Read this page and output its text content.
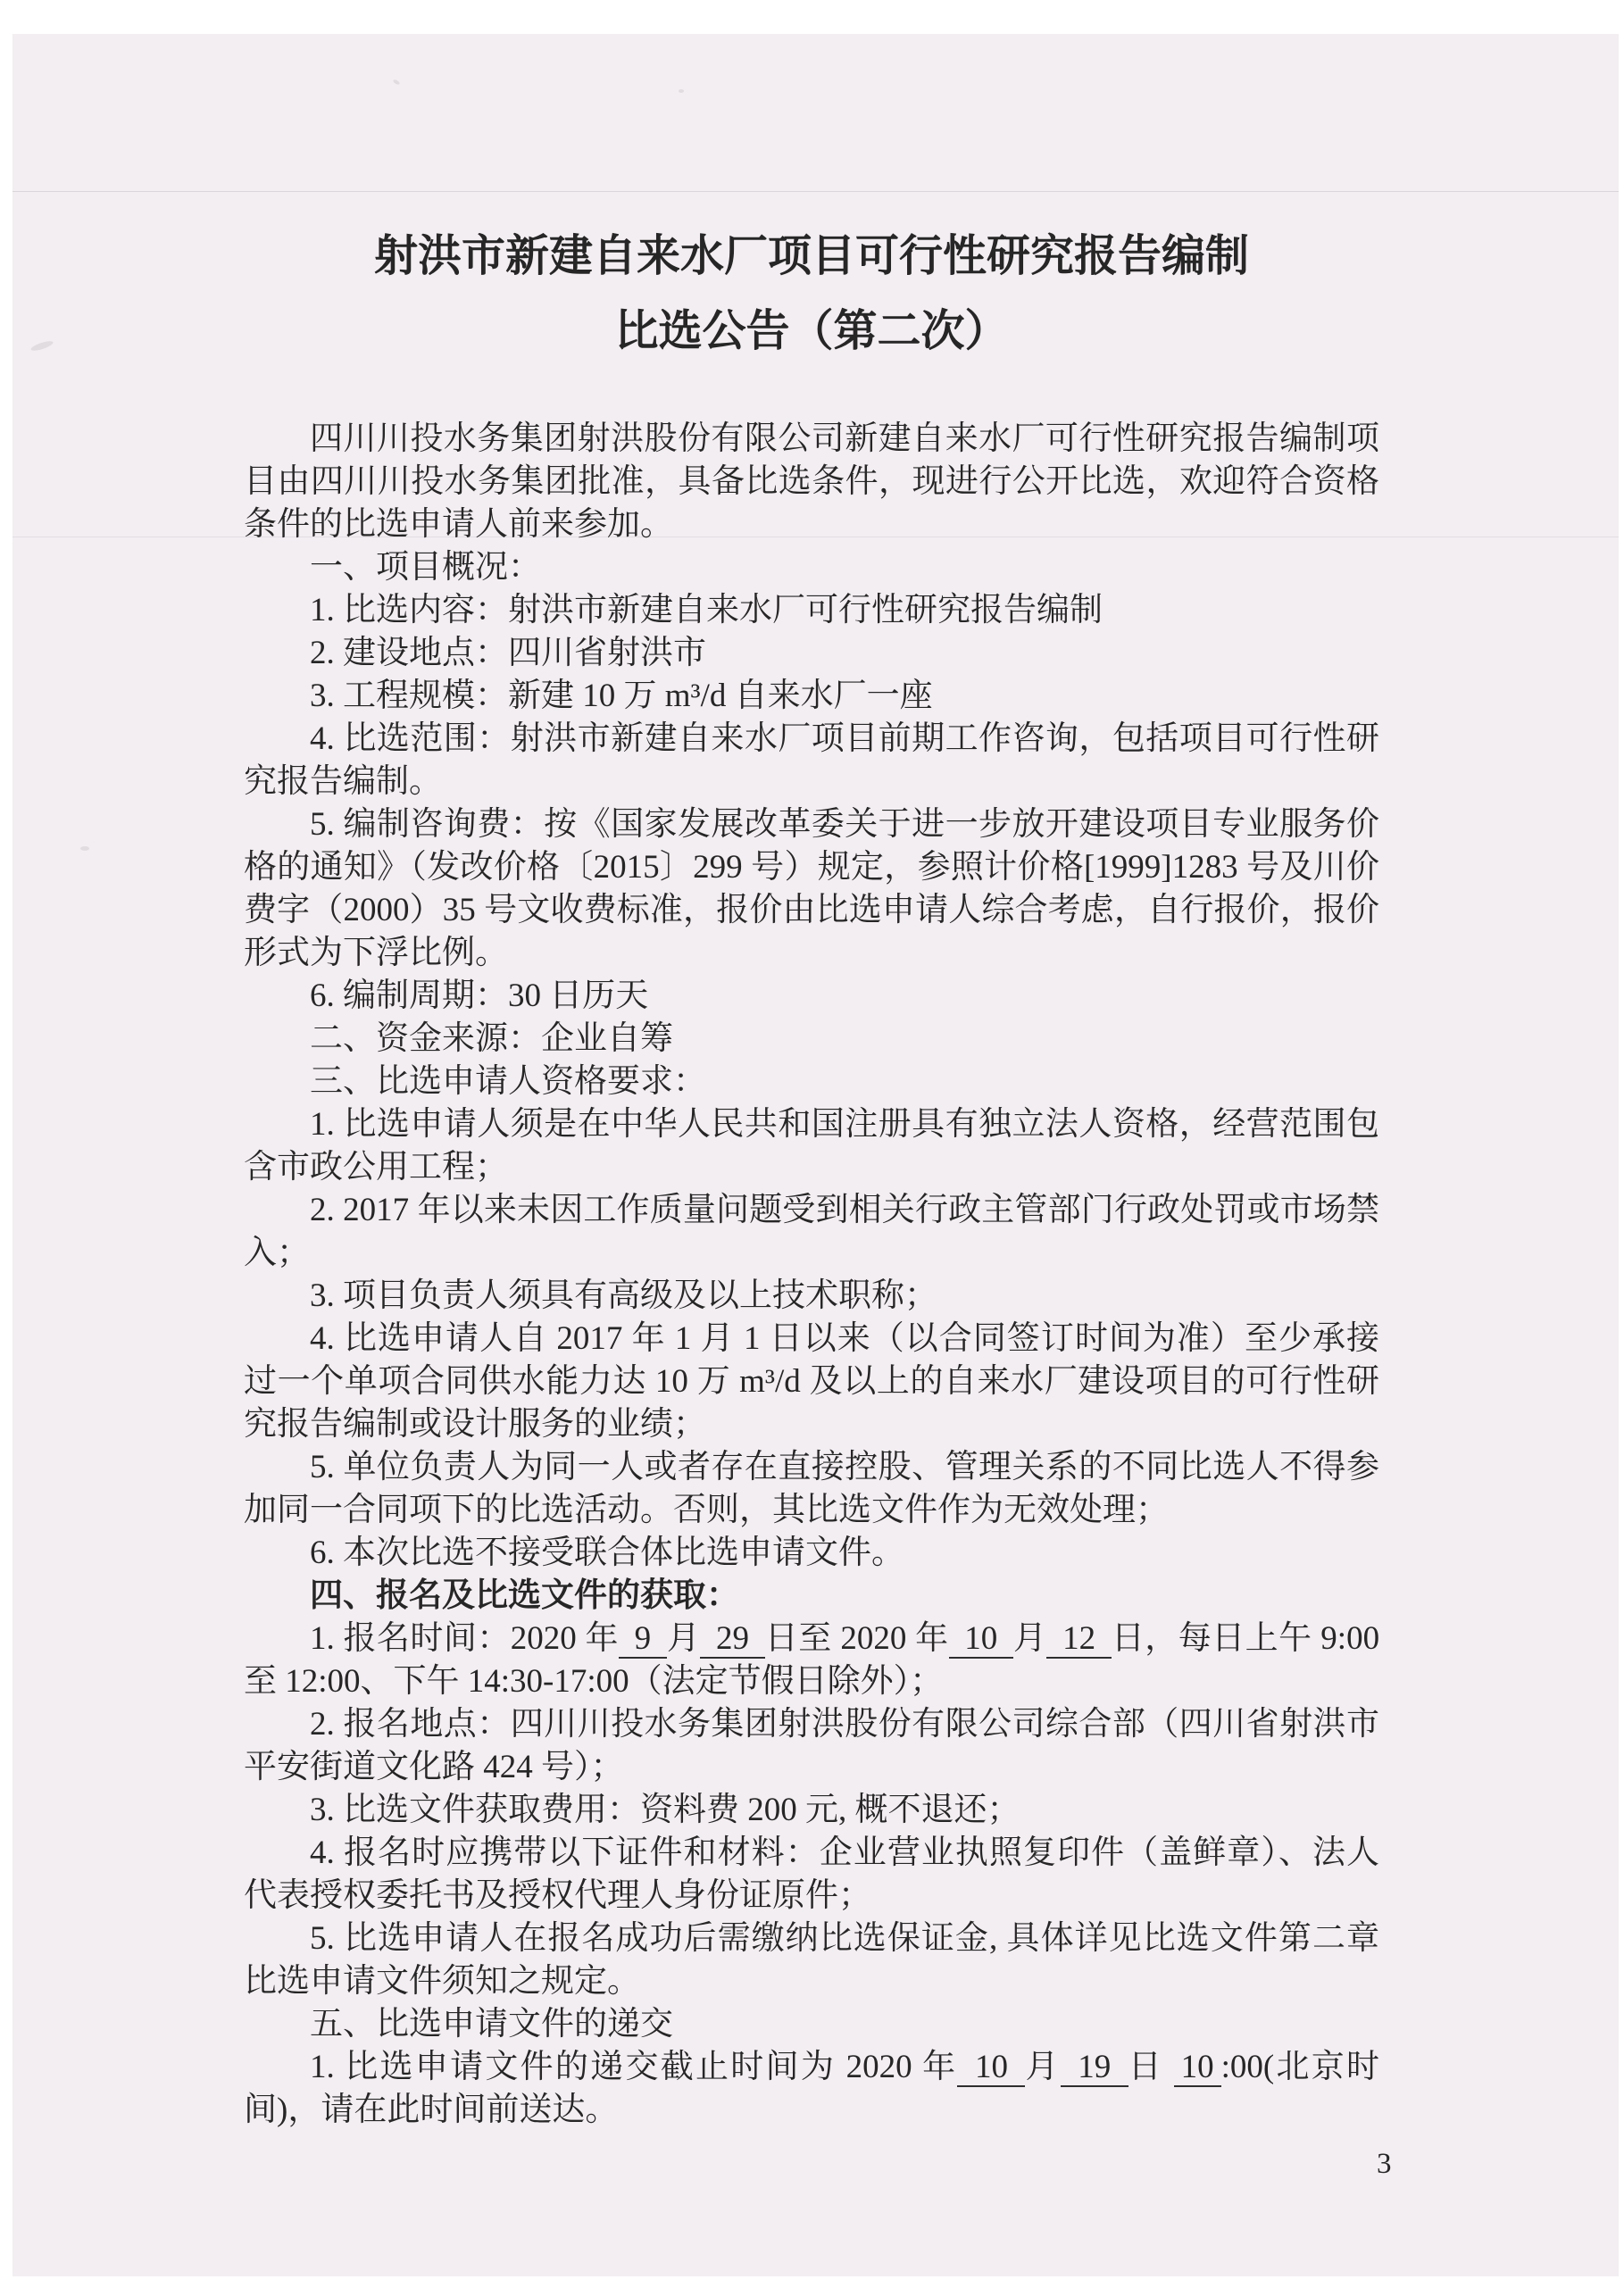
射洪市新建自来水厂项目可行性研究报告编制
比选公告（第二次）

四川川投水务集团射洪股份有限公司新建自来水厂可行性研究报告编制项目由四川川投水务集团批准，具备比选条件，现进行公开比选，欢迎符合资格条件的比选申请人前来参加。

一、项目概况：

1. 比选内容：射洪市新建自来水厂可行性研究报告编制

2. 建设地点：四川省射洪市

3. 工程规模：新建 10 万 m³/d 自来水厂一座

4. 比选范围：射洪市新建自来水厂项目前期工作咨询，包括项目可行性研究报告编制。

5. 编制咨询费：按《国家发展改革委关于进一步放开建设项目专业服务价格的通知》（发改价格〔2015〕299 号）规定，参照计价格[1999]1283 号及川价费字（2000）35 号文收费标准，报价由比选申请人综合考虑，自行报价，报价形式为下浮比例。

6. 编制周期：30 日历天

二、资金来源：企业自筹

三、比选申请人资格要求：

1. 比选申请人须是在中华人民共和国注册具有独立法人资格，经营范围包含市政公用工程；

2. 2017 年以来未因工作质量问题受到相关行政主管部门行政处罚或市场禁入；

3. 项目负责人须具有高级及以上技术职称；

4. 比选申请人自 2017 年 1 月 1 日以来（以合同签订时间为准）至少承接过一个单项合同供水能力达 10 万 m³/d 及以上的自来水厂建设项目的可行性研究报告编制或设计服务的业绩；

5. 单位负责人为同一人或者存在直接控股、管理关系的不同比选人不得参加同一合同项下的比选活动。否则，其比选文件作为无效处理；

6. 本次比选不接受联合体比选申请文件。

四、报名及比选文件的获取：

1. 报名时间：2020 年 9 月 29 日至 2020 年 10 月 12 日，每日上午 9:00 至 12:00、下午 14:30-17:00（法定节假日除外）；

2. 报名地点：四川川投水务集团射洪股份有限公司综合部（四川省射洪市平安街道文化路 424 号）；

3. 比选文件获取费用：资料费 200 元, 概不退还；

4. 报名时应携带以下证件和材料：企业营业执照复印件（盖鲜章）、法人代表授权委托书及授权代理人身份证原件；

5. 比选申请人在报名成功后需缴纳比选保证金, 具体详见比选文件第二章比选申请文件须知之规定。

五、比选申请文件的递交

1. 比选申请文件的递交截止时间为 2020 年 10 月 19 日 10 :00(北京时间)，请在此时间前送达。

3
